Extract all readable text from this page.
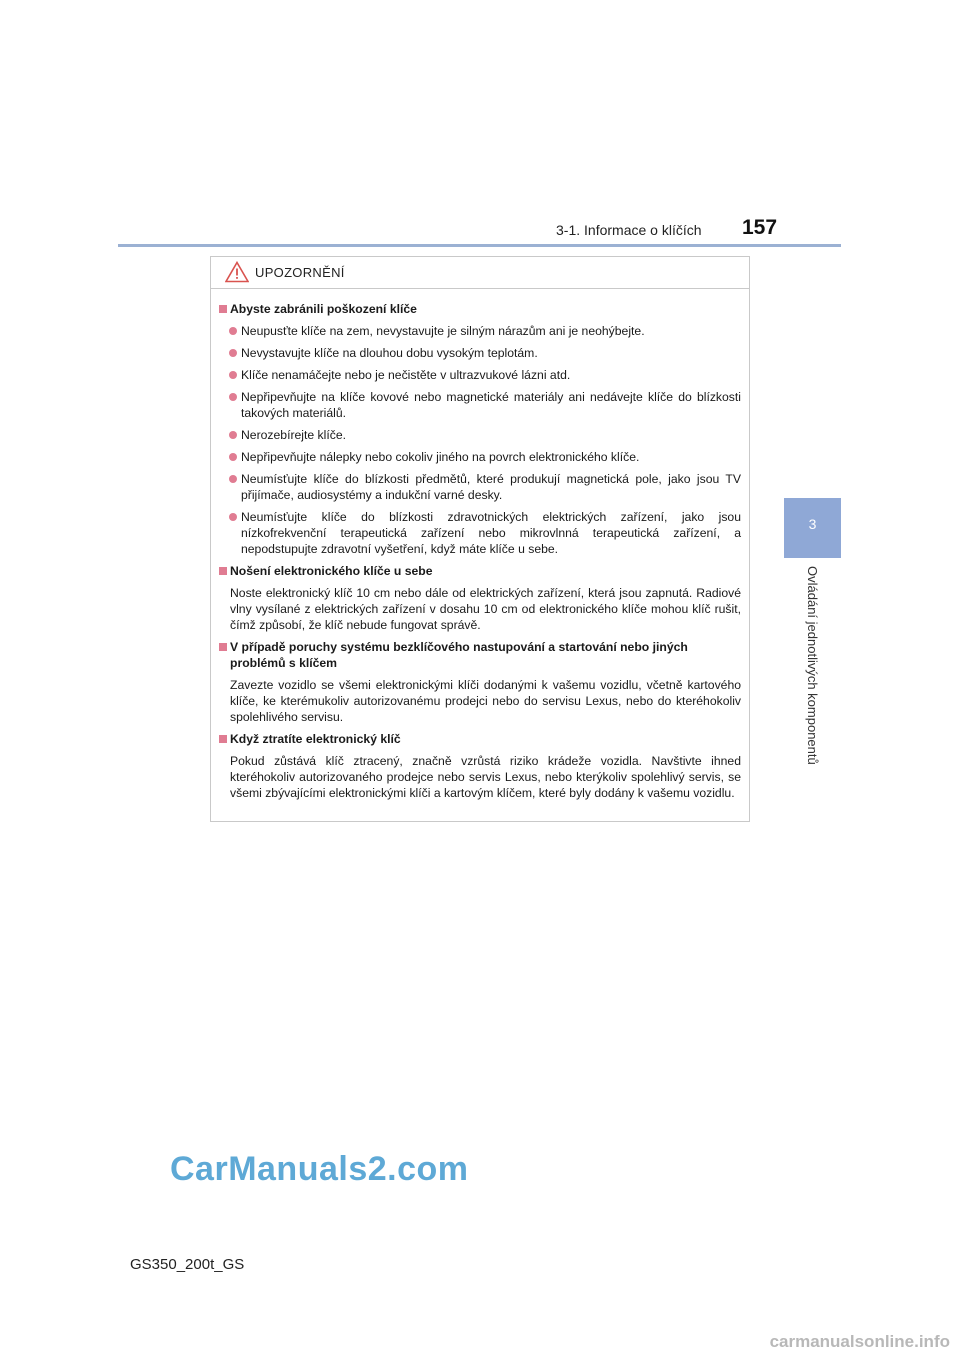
3-1. Informace o klíčích 157
3
Ovládání jednotlivých komponentů
UPOZORNĚNÍ
Abyste zabránili poškození klíče
Neupusťte klíče na zem, nevystavujte je silným nárazům ani je neohýbejte.
Nevystavujte klíče na dlouhou dobu vysokým teplotám.
Klíče nenamáčejte nebo je nečistěte v ultrazvukové lázni atd.
Nepřipevňujte na klíče kovové nebo magnetické materiály ani nedávejte klíče do blízkosti takových materiálů.
Nerozebírejte klíče.
Nepřipevňujte nálepky nebo cokoliv jiného na povrch elektronického klíče.
Neumísťujte klíče do blízkosti předmětů, které produkují magnetická pole, jako jsou TV přijímače, audiosystémy a indukční varné desky.
Neumísťujte klíče do blízkosti zdravotnických elektrických zařízení, jako jsou nízkofrekvenční terapeutická zařízení nebo mikrovlnná terapeutická zařízení, a nepodstupujte zdravotní vyšetření, když máte klíče u sebe.
Nošení elektronického klíče u sebe
Noste elektronický klíč 10 cm nebo dále od elektrických zařízení, která jsou zapnutá. Radiové vlny vysílané z elektrických zařízení v dosahu 10 cm od elektronického klíče mohou klíč rušit, čímž způsobí, že klíč nebude fungovat správě.
V případě poruchy systému bezklíčového nastupování a startování nebo jiných problémů s klíčem
Zavezte vozidlo se všemi elektronickými klíči dodanými k vašemu vozidlu, včetně kartového klíče, ke kterémukoliv autorizovanému prodejci nebo do servisu Lexus, nebo do kteréhokoliv spolehlivého servisu.
Když ztratíte elektronický klíč
Pokud zůstává klíč ztracený, značně vzrůstá riziko krádeže vozidla. Navštivte ihned kteréhokoliv autorizovaného prodejce nebo servis Lexus, nebo kterýkoliv spolehlivý servis, se všemi zbývajícími elektronickými klíči a kartovým klíčem, které byly dodány k vašemu vozidlu.
CarManuals2.com
GS350_200t_GS
carmanualsonline.info
